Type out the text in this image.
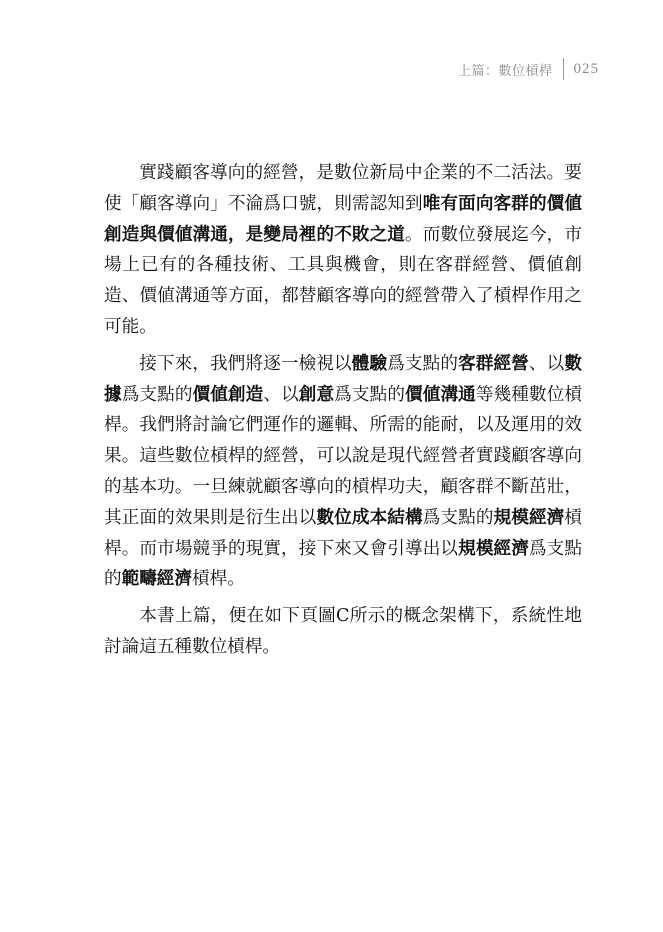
上篇：數位槓桿 025

實踐顧客導向的經營，是數位新局中企業的不二活法。要使「顧客導向」不淪爲口號，則需認知到唯有面向客群的價値創造與價値溝通，是變局裡的不敗之道。而數位發展迄今，市場上已有的各種技術、工具與機會，則在客群經營、價値創造、價値溝通等方面，都替顧客導向的經營帶入了槓桿作用之可能。

接下來，我們將逐一檢視以體驗爲支點的客群經營、以數據爲支點的價値創造、以創意爲支點的價値溝通等幾種數位槓桿。我們將討論它們運作的邏輯、所需的能耐，以及運用的效果。這些數位槓桿的經營，可以說是現代經營者實踐顧客導向的基本功。一旦練就顧客導向的槓桿功夫，顧客群不斷茁壯，其正面的效果則是衍生出以數位成本結構爲支點的規模經濟槓桿。而市場競爭的現實，接下來又會引導出以規模經濟爲支點的範疇經濟槓桿。

本書上篇，便在如下頁圖C所示的概念架構下，系統性地討論這五種數位槓桿。
